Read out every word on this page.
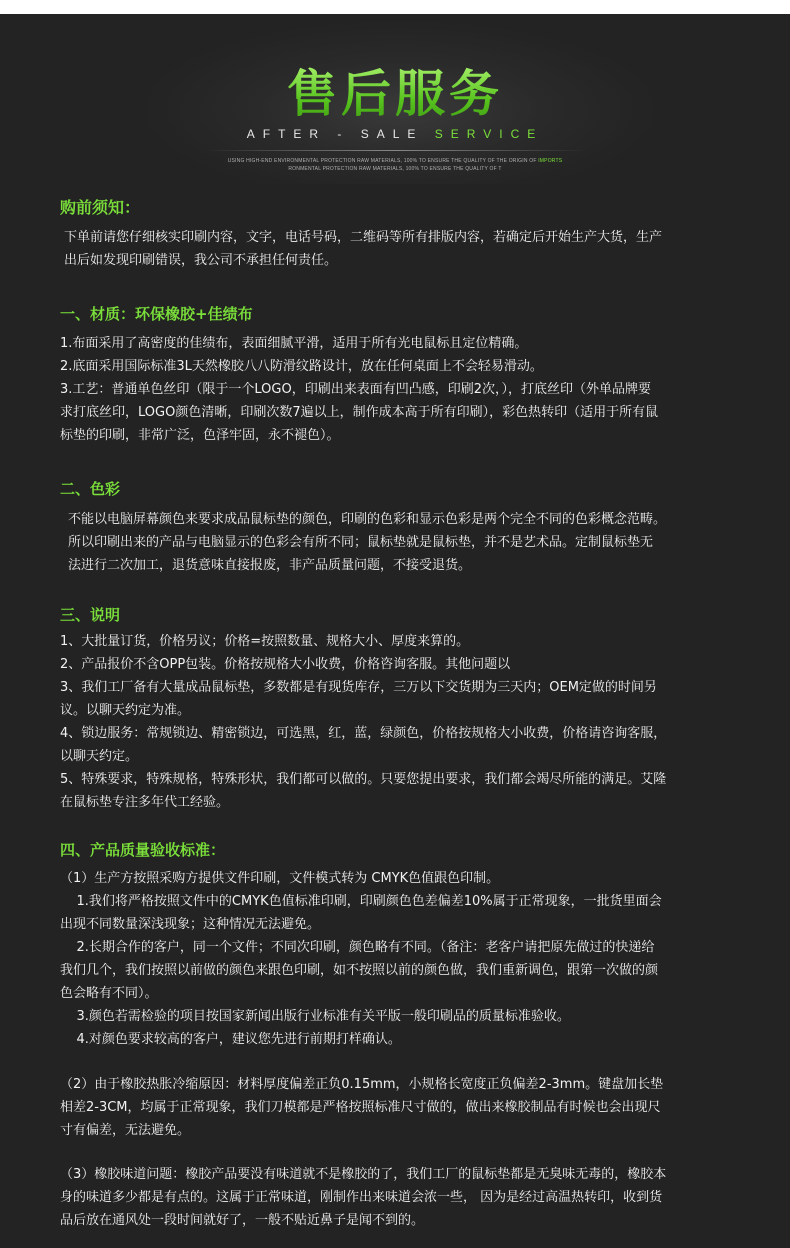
售后服务
AFTER - SALE SERVICE
USING HIGH-END ENVIRONMENTAL PROTECTION RAW MATERIALS, 100% TO ENSURE THE QUALITY OF THE ORIGIN OF IMPORTS
RONMENTAL PROTECTION RAW MATERIALS, 100% TO ENSURE THE QUALITY OF T
购前须知：
下单前请您仔细核实印刷内容，文字，电话号码，二维码等所有排版内容，若确定后开始生产大货，生产
出后如发现印刷错误，我公司不承担任何责任。
一、材质：环保橡胶+佳绩布
1.布面采用了高密度的佳绩布，表面细腻平滑，适用于所有光电鼠标且定位精确。
2.底面采用国际标准3L天然橡胶八八防滑纹路设计，放在任何桌面上不会轻易滑动。
3.工艺：普通单色丝印（限于一个LOGO，印刷出来表面有凹凸感，印刷2次，），打底丝印（外单品牌要
求打底丝印，LOGO颜色清晰，印刷次数7遍以上，制作成本高于所有印刷），彩色热转印（适用于所有鼠
标垫的印刷，非常广泛，色泽牢固，永不褪色）。
二、色彩
不能以电脑屏幕颜色来要求成品鼠标垫的颜色，印刷的色彩和显示色彩是两个完全不同的色彩概念范畴。
所以印刷出来的产品与电脑显示的色彩会有所不同；鼠标垫就是鼠标垫，并不是艺术品。定制鼠标垫无
法进行二次加工，退货意味直接报废，非产品质量问题，不接受退货。
三、说明
1、大批量订货，价格另议；价格=按照数量、规格大小、厚度来算的。
2、产品报价不含OPP包装。价格按规格大小收费，价格咨询客服。其他问题以
3、我们工厂备有大量成品鼠标垫，多数都是有现货库存，三万以下交货期为三天内；OEM定做的时间另
议。以聊天约定为准。
4、锁边服务：常规锁边、精密锁边，可选黑，红，蓝，绿颜色，价格按规格大小收费，价格请咨询客服，
以聊天约定。
5、特殊要求，特殊规格，特殊形状，我们都可以做的。只要您提出要求，我们都会竭尽所能的满足。艾隆
在鼠标垫专注多年代工经验。
四、产品质量验收标准：
（1）生产方按照采购方提供文件印刷，文件模式转为 CMYK色值跟色印制。
1.我们将严格按照文件中的CMYK色值标准印刷，印刷颜色色差偏差10%属于正常现象，一批货里面会
出现不同数量深浅现象；这种情况无法避免。
2.长期合作的客户，同一个文件；不同次印刷，颜色略有不同。（备注：老客户请把原先做过的快递给
我们几个，我们按照以前做的颜色来跟色印刷，如不按照以前的颜色做，我们重新调色，跟第一次做的颜
色会略有不同）。
3.颜色若需检验的项目按国家新闻出版行业标准有关平版一般印刷品的质量标准验收。
4.对颜色要求较高的客户，建议您先进行前期打样确认。
（2）由于橡胶热胀冷缩原因：材料厚度偏差正负0.15mm，小规格长宽度正负偏差2-3mm。键盘加长垫
相差2-3CM，均属于正常现象，我们刀模都是严格按照标准尺寸做的，做出来橡胶制品有时候也会出现尺
寸有偏差，无法避免。
（3）橡胶味道问题：橡胶产品要没有味道就不是橡胶的了，我们工厂的鼠标垫都是无臭味无毒的，橡胶本
身的味道多少都是有点的。这属于正常味道，刚制作出来味道会浓一些， 因为是经过高温热转印，收到货
品后放在通风处一段时间就好了，一般不贴近鼻子是闻不到的。
